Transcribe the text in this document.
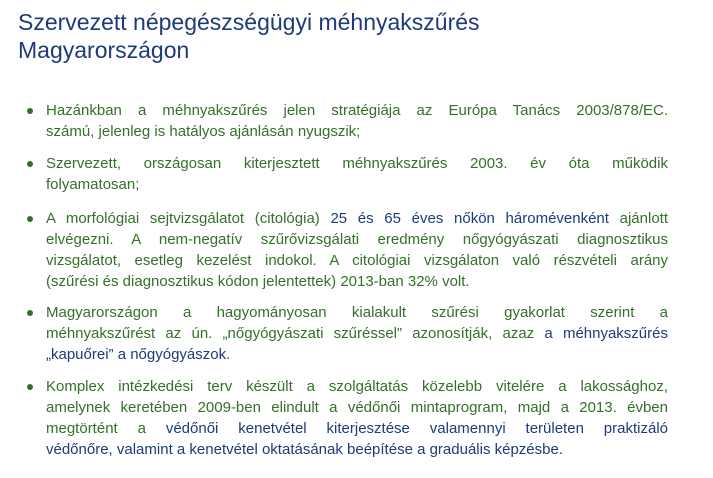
Szervezett népegészségügyi méhnyakszűrés
Magyarországon
Hazánkban a méhnyakszűrés jelen stratégiája az Európa Tanács 2003/878/EC.
számú, jelenleg is hatályos ajánlásán nyugszik;
Szervezett, országosan kiterjesztett méhnyakszűrés 2003. év óta működik
folyamatosan;
A morfológiai sejtvizsgálatot (citológia) 25 és 65 éves nőkön háromévenként ajánlott
elvégezni. A nem-negatív szűrővizsgálati eredmény nőgyógyászati diagnosztikus
vizsgálatot, esetleg kezelést indokol. A citológiai vizsgálaton való részvételi arány
(szűrési és diagnosztikus kódon jelentettek) 2013-ban 32% volt.
Magyarországon a hagyományosan kialakult szűrési gyakorlat szerint a
méhnyakszűrést az ún. „nőgyógyászati szűréssel” azonosítják, azaz a méhnyakszűrés
„kapuőrei” a nőgyógyászok.
Komplex intézkedési terv készült a szolgáltatás közelebb vitelére a lakossághoz,
amelynek keretében 2009-ben elindult a védőnői mintaprogram, majd a 2013. évben
megtörtént a védőnői kenetvétel kiterjesztése valamennyi területen praktizáló
védőnőre, valamint a kenetvétel oktatásának beépítése a graduális képzésbe.
